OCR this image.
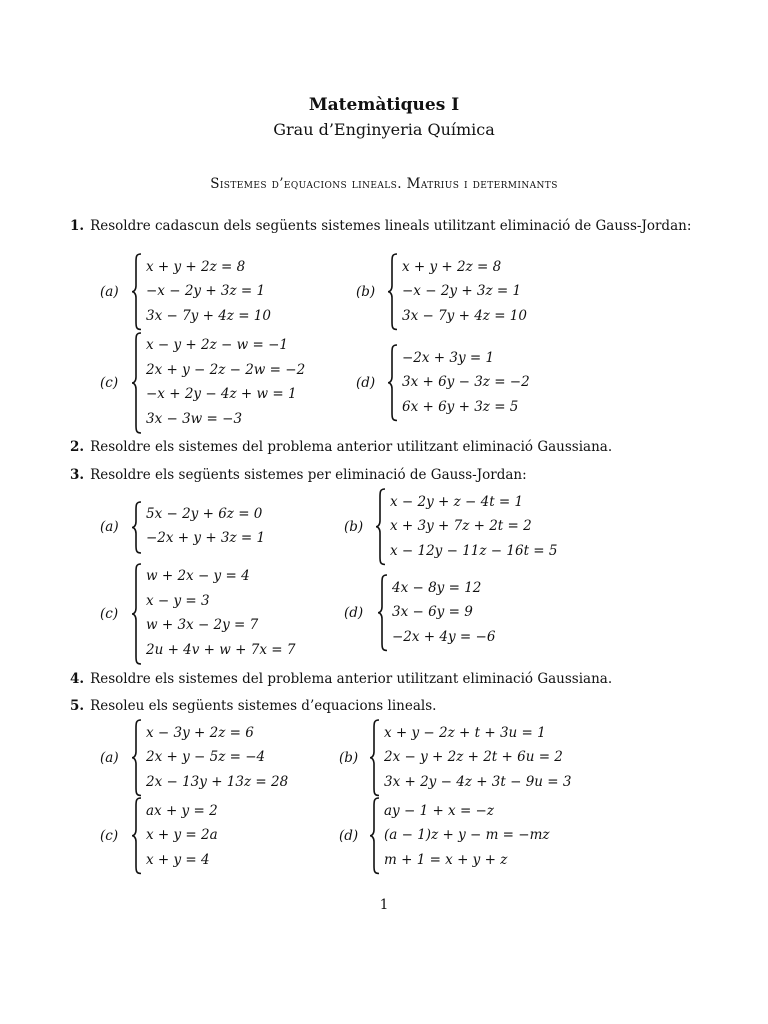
Matemàtiques I
Grau d’Enginyeria Química
Sistemes d’equacions lineals. Matrius i determinants
1. Resoldre cadascun dels següents sistemes lineals utilitzant eliminació de Gauss-Jordan:
2. Resoldre els sistemes del problema anterior utilitzant eliminació Gaussiana.
3. Resoldre els següents sistemes per eliminació de Gauss-Jordan:
4. Resoldre els sistemes del problema anterior utilitzant eliminació Gaussiana.
5. Resoleu els següents sistemes d’equacions lineals.
(a)
x + y + 2z = 8
−x − 2y + 3z = 1
3x − 7y + 4z = 10
(b)
x + y + 2z = 8
−x − 2y + 3z = 1
3x − 7y + 4z = 10
(c)
x − y + 2z − w = −1
2x + y − 2z − 2w = −2
−x + 2y − 4z + w = 1
3x − 3w = −3
(d)
−2x + 3y = 1
3x + 6y − 3z = −2
6x + 6y + 3z = 5
(a)
5x − 2y + 6z = 0
−2x + y + 3z = 1
(b)
x − 2y + z − 4t = 1
x + 3y + 7z + 2t = 2
x − 12y − 11z − 16t = 5
(c)
w + 2x − y = 4
x − y = 3
w + 3x − 2y = 7
2u + 4v + w + 7x = 7
(d)
4x − 8y = 12
3x − 6y = 9
−2x + 4y = −6
(a)
x − 3y + 2z = 6
2x + y − 5z = −4
2x − 13y + 13z = 28
(b)
x + y − 2z + t + 3u = 1
2x − y + 2z + 2t + 6u = 2
3x + 2y − 4z + 3t − 9u = 3
(c)
ax + y = 2
x + y = 2a
x + y = 4
(d)
ay − 1 + x = −z
(a − 1)z + y − m = −mz
m + 1 = x + y + z
1
